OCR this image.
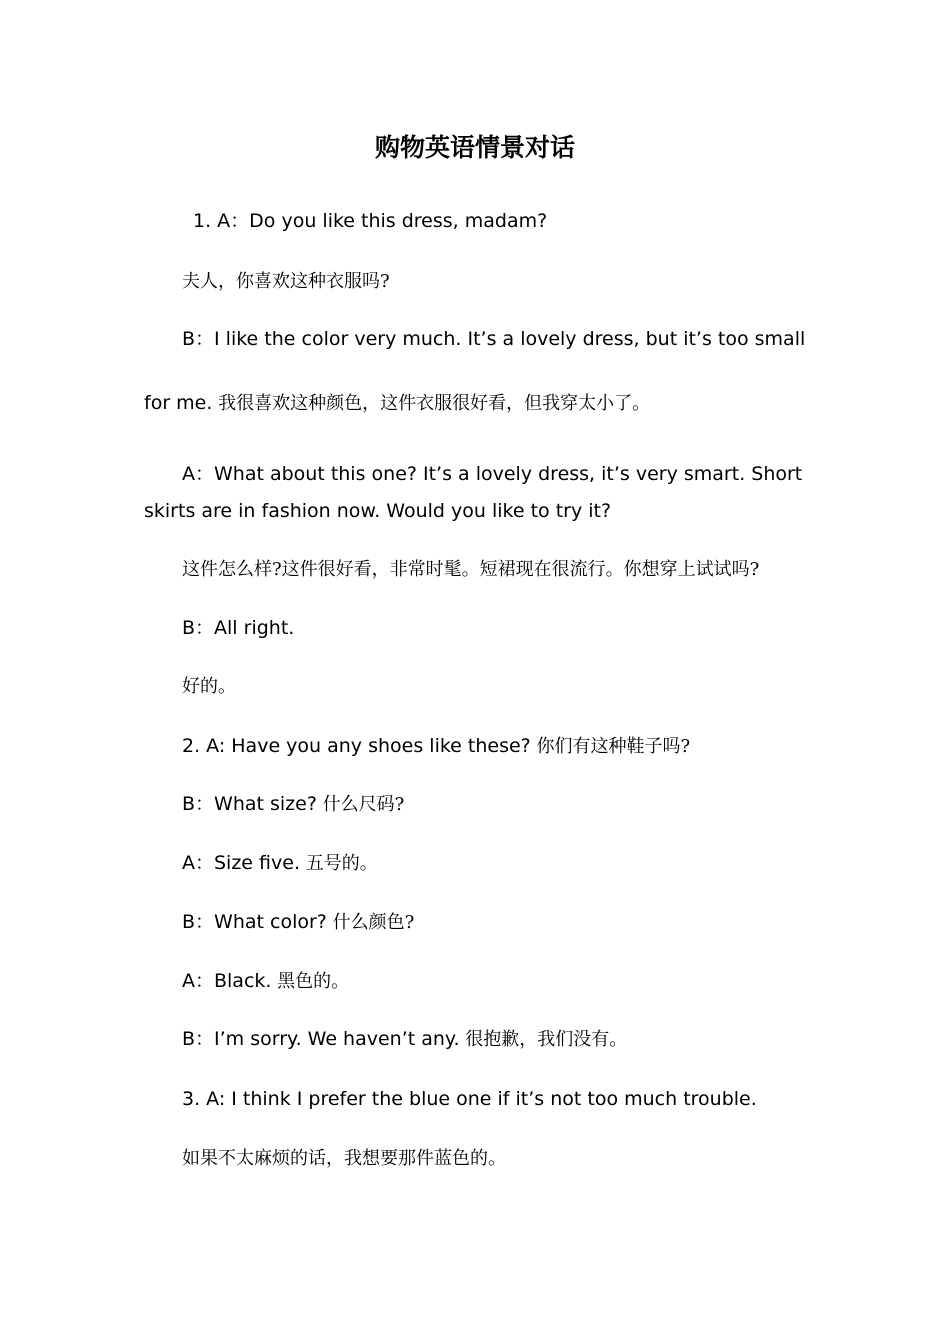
购物英语情景对话
1. A：Do you like this dress, madam?
夫人，你喜欢这种衣服吗?
B：I like the color very much. It’s a lovely dress, but it’s too small
for me. 我很喜欢这种颜色，这件衣服很好看，但我穿太小了。
A：What about this one? It’s a lovely dress, it’s very smart. Short
skirts are in fashion now. Would you like to try it?
这件怎么样?这件很好看，非常时髦。短裙现在很流行。你想穿上试试吗?
B：All right.
好的。
2. A: Have you any shoes like these? 你们有这种鞋子吗?
B：What size? 什么尺码?
A：Size five. 五号的。
B：What color? 什么颜色?
A：Black. 黑色的。
B：I’m sorry. We haven’t any. 很抱歉，我们没有。
3. A: I think I prefer the blue one if it’s not too much trouble.
如果不太麻烦的话，我想要那件蓝色的。
